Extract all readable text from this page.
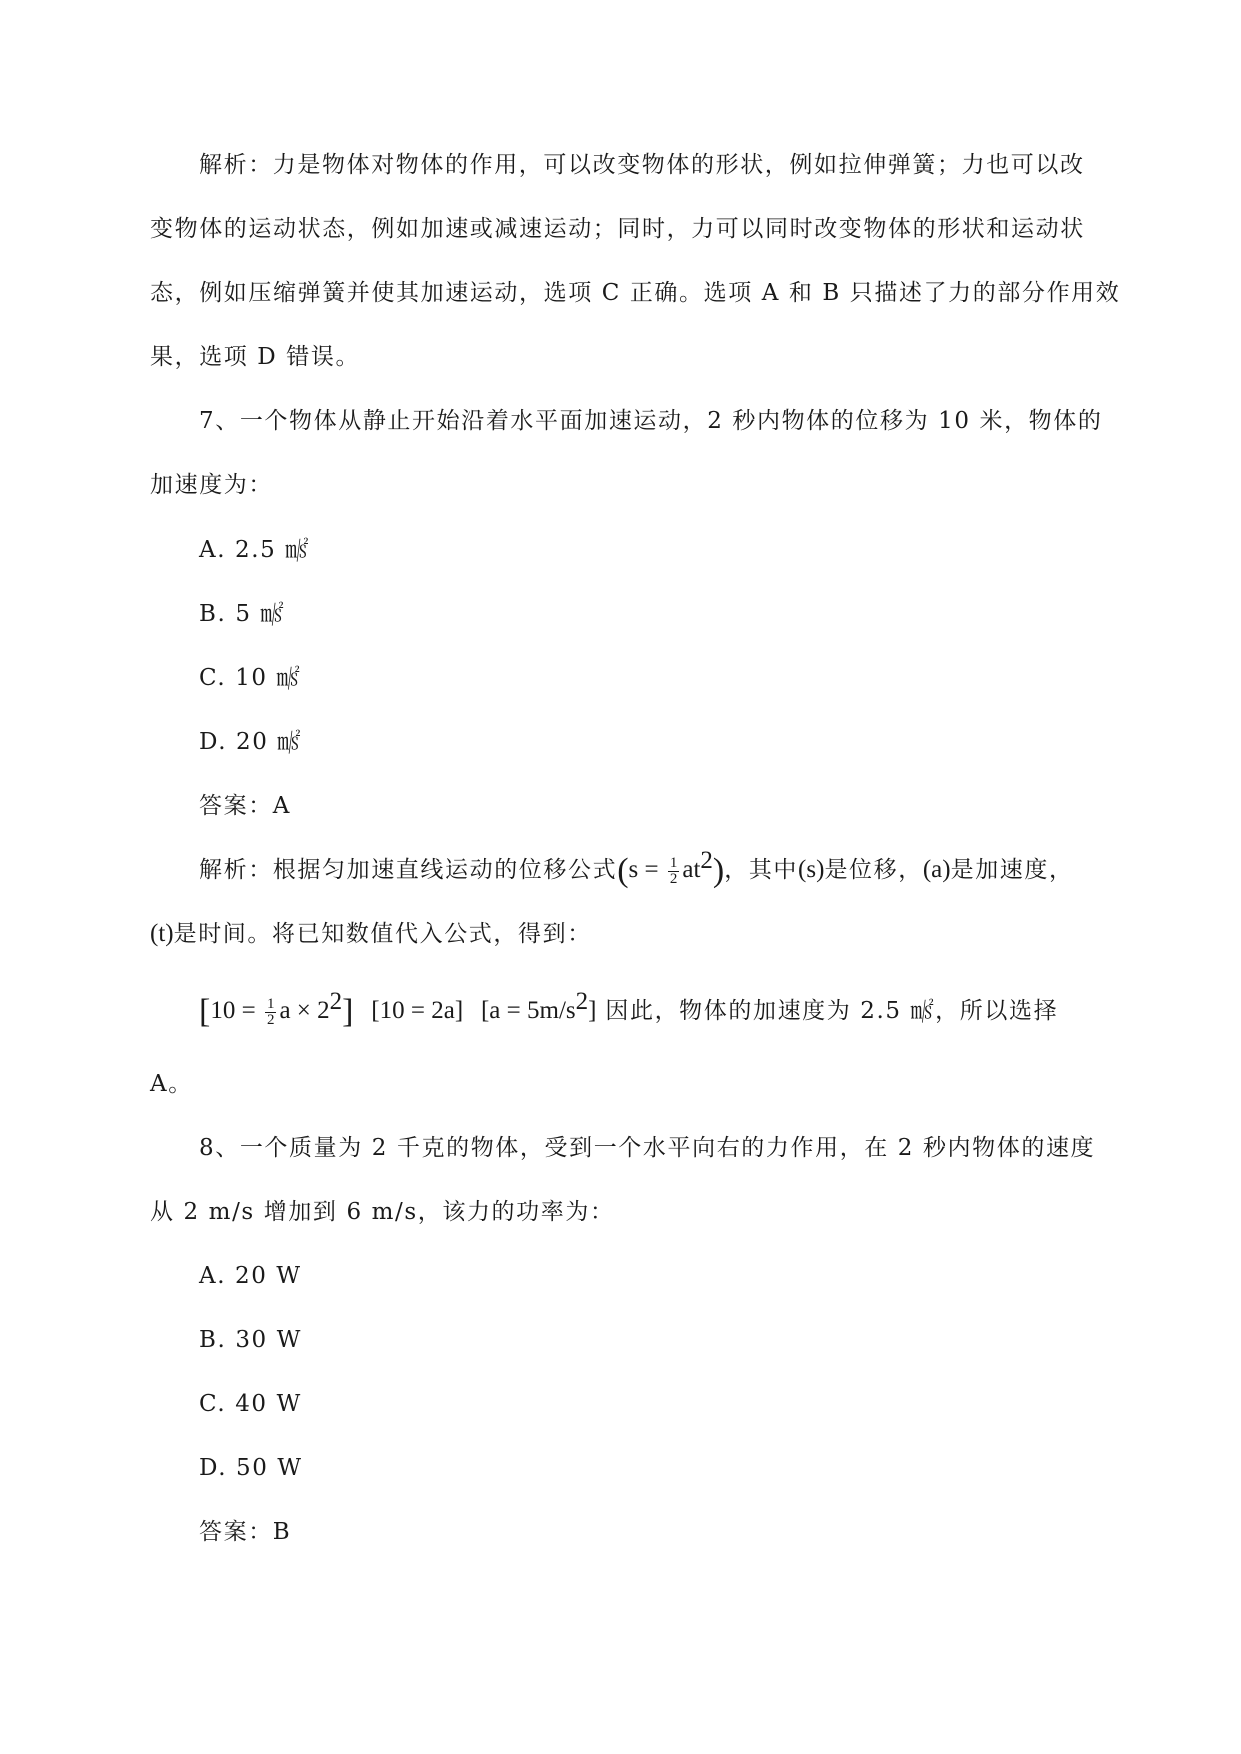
解析：力是物体对物体的作用，可以改变物体的形状，例如拉伸弹簧；力也可以改
变物体的运动状态，例如加速或减速运动；同时，力可以同时改变物体的形状和运动状
态，例如压缩弹簧并使其加速运动，选项 C 正确。选项 A 和 B 只描述了力的部分作用效
果，选项 D 错误。
7、一个物体从静止开始沿着水平面加速运动，2 秒内物体的位移为 10 米，物体的
加速度为：
A. 2.5 ㎨
B. 5 ㎨
C. 10 ㎨
D. 20 ㎨
答案：A
解析：根据匀加速直线运动的位移公式$(s = \frac{1}{2} at^2)$，其中(s)是位移，(a)是加速度，
(t)是时间。将已知数值代入公式，得到：
[$10 = \frac{1}{2}$ $a \times 2^2$] [10 = 2a] $[a = 5m/s^2]$ 因此，物体的加速度为 2.5 ㎨，所以选择
A。
8、一个质量为 2 千克的物体，受到一个水平向右的力作用，在 2 秒内物体的速度
从 2 m/s 增加到 6 m/s，该力的功率为：
A. 20 W
B. 30 W
C. 40 W
D. 50 W
答案：B
